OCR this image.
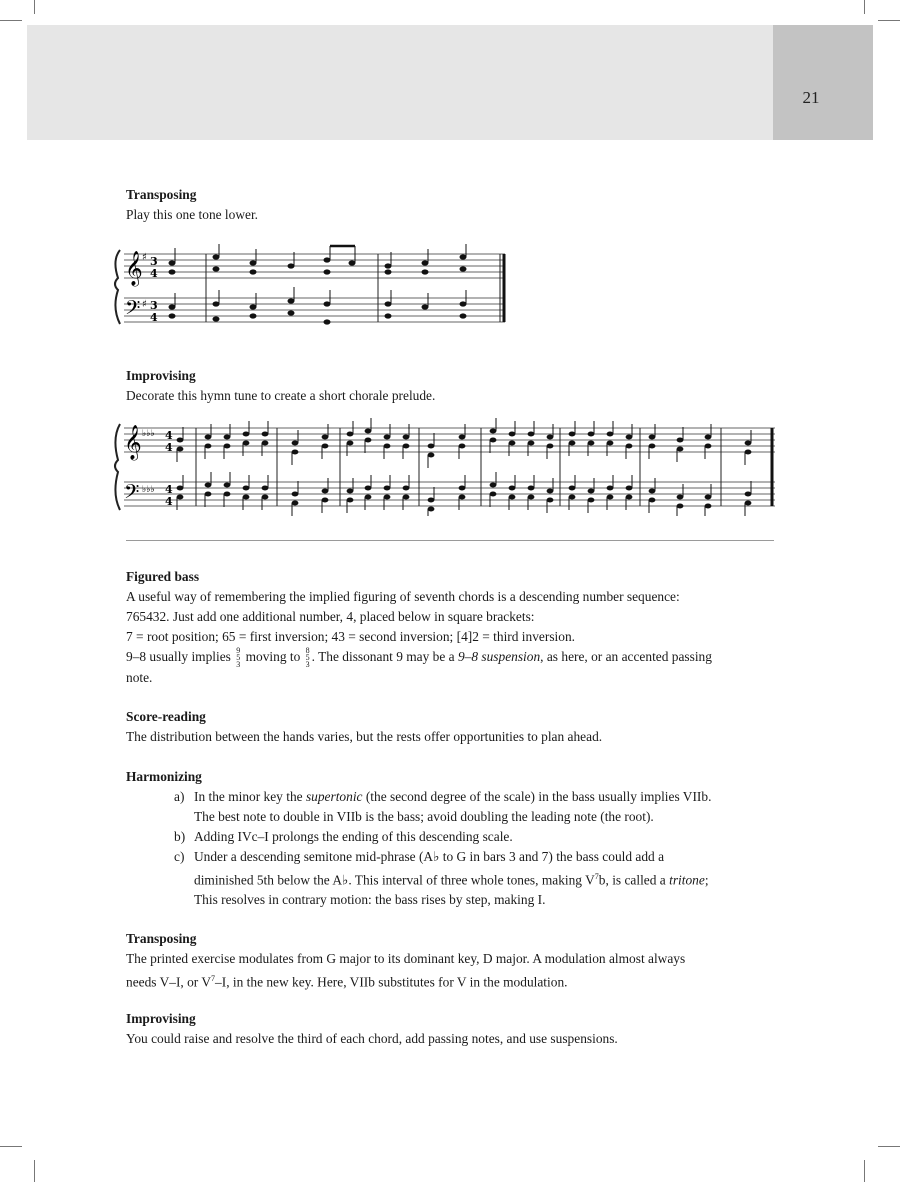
21
Transposing

Play this one tone lower.

𝄞
𝄢
♯
♯
3
4
3
4
Improvising

Decorate this hymn tune to create a short chorale prelude.

𝄞
𝄢
♭♭♭
♭♭♭
4
4
4
4
Figured bass

A useful way of remembering the implied figuring of seventh chords is a descending number sequence:

765432. Just add one additional number, 4, placed below in square brackets:

7 = root position; 65 = first inversion; 43 = second inversion; [4]2 = third inversion.

9–8 usually implies 9
5
3
moving to 8
5
3
. The dissonant 9 may be a 9–8 suspension, as here, or an accented passing

note.

Score-reading

The distribution between the hands varies, but the rests offer opportunities to plan ahead.

Harmonizing
a) In the minor key the supertonic (the second degree of the scale) in the bass usually implies VIIb.
The best note to double in VIIb is the bass; avoid doubling the leading note (the root).
b) Adding IVc–I prolongs the ending of this descending scale.
c) Under a descending semitone mid-phrase (A♭ to G in bars 3 and 7) the bass could add a
diminished 5th below the A♭. This interval of three whole tones, making $V^7b$, is called a tritone;
This resolves in contrary motion: the bass rises by step, making I.
Transposing

The printed exercise modulates from G major to its dominant key, D major. A modulation almost always

needs V–I, or $V^7-I$, in the new key. Here, VIIb substitutes for V in the modulation.

Improvising

You could raise and resolve the third of each chord, add passing notes, and use suspensions.
